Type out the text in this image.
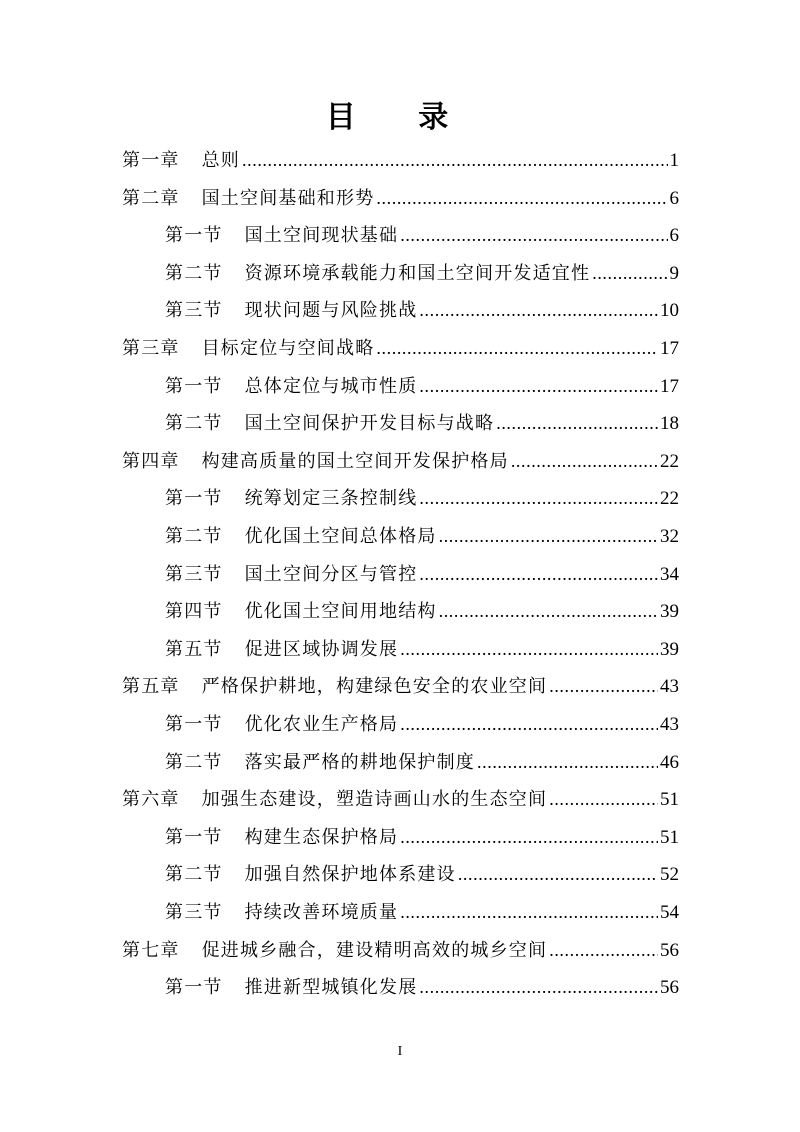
目 录
第一章 总则 .....	1
第二章 国土空间基础和形势 .....	6
第一节 国土空间现状基础 .....	6
第二节 资源环境承载能力和国土空间开发适宜性 .....	9
第三节 现状问题与风险挑战 .....	10
第三章 目标定位与空间战略 .....	17
第一节 总体定位与城市性质 .....	17
第二节 国土空间保护开发目标与战略 .....	18
第四章 构建高质量的国土空间开发保护格局 .....	22
第一节 统筹划定三条控制线 .....	22
第二节 优化国土空间总体格局 .....	32
第三节 国土空间分区与管控 .....	34
第四节 优化国土空间用地结构 .....	39
第五节 促进区域协调发展 .....	39
第五章 严格保护耕地，构建绿色安全的农业空间 .....	43
第一节 优化农业生产格局 .....	43
第二节 落实最严格的耕地保护制度 .....	46
第六章 加强生态建设，塑造诗画山水的生态空间 .....	51
第一节 构建生态保护格局 .....	51
第二节 加强自然保护地体系建设 .....	52
第三节 持续改善环境质量 .....	54
第七章 促进城乡融合，建设精明高效的城乡空间 .....	56
第一节 推进新型城镇化发展 .....	56
I
